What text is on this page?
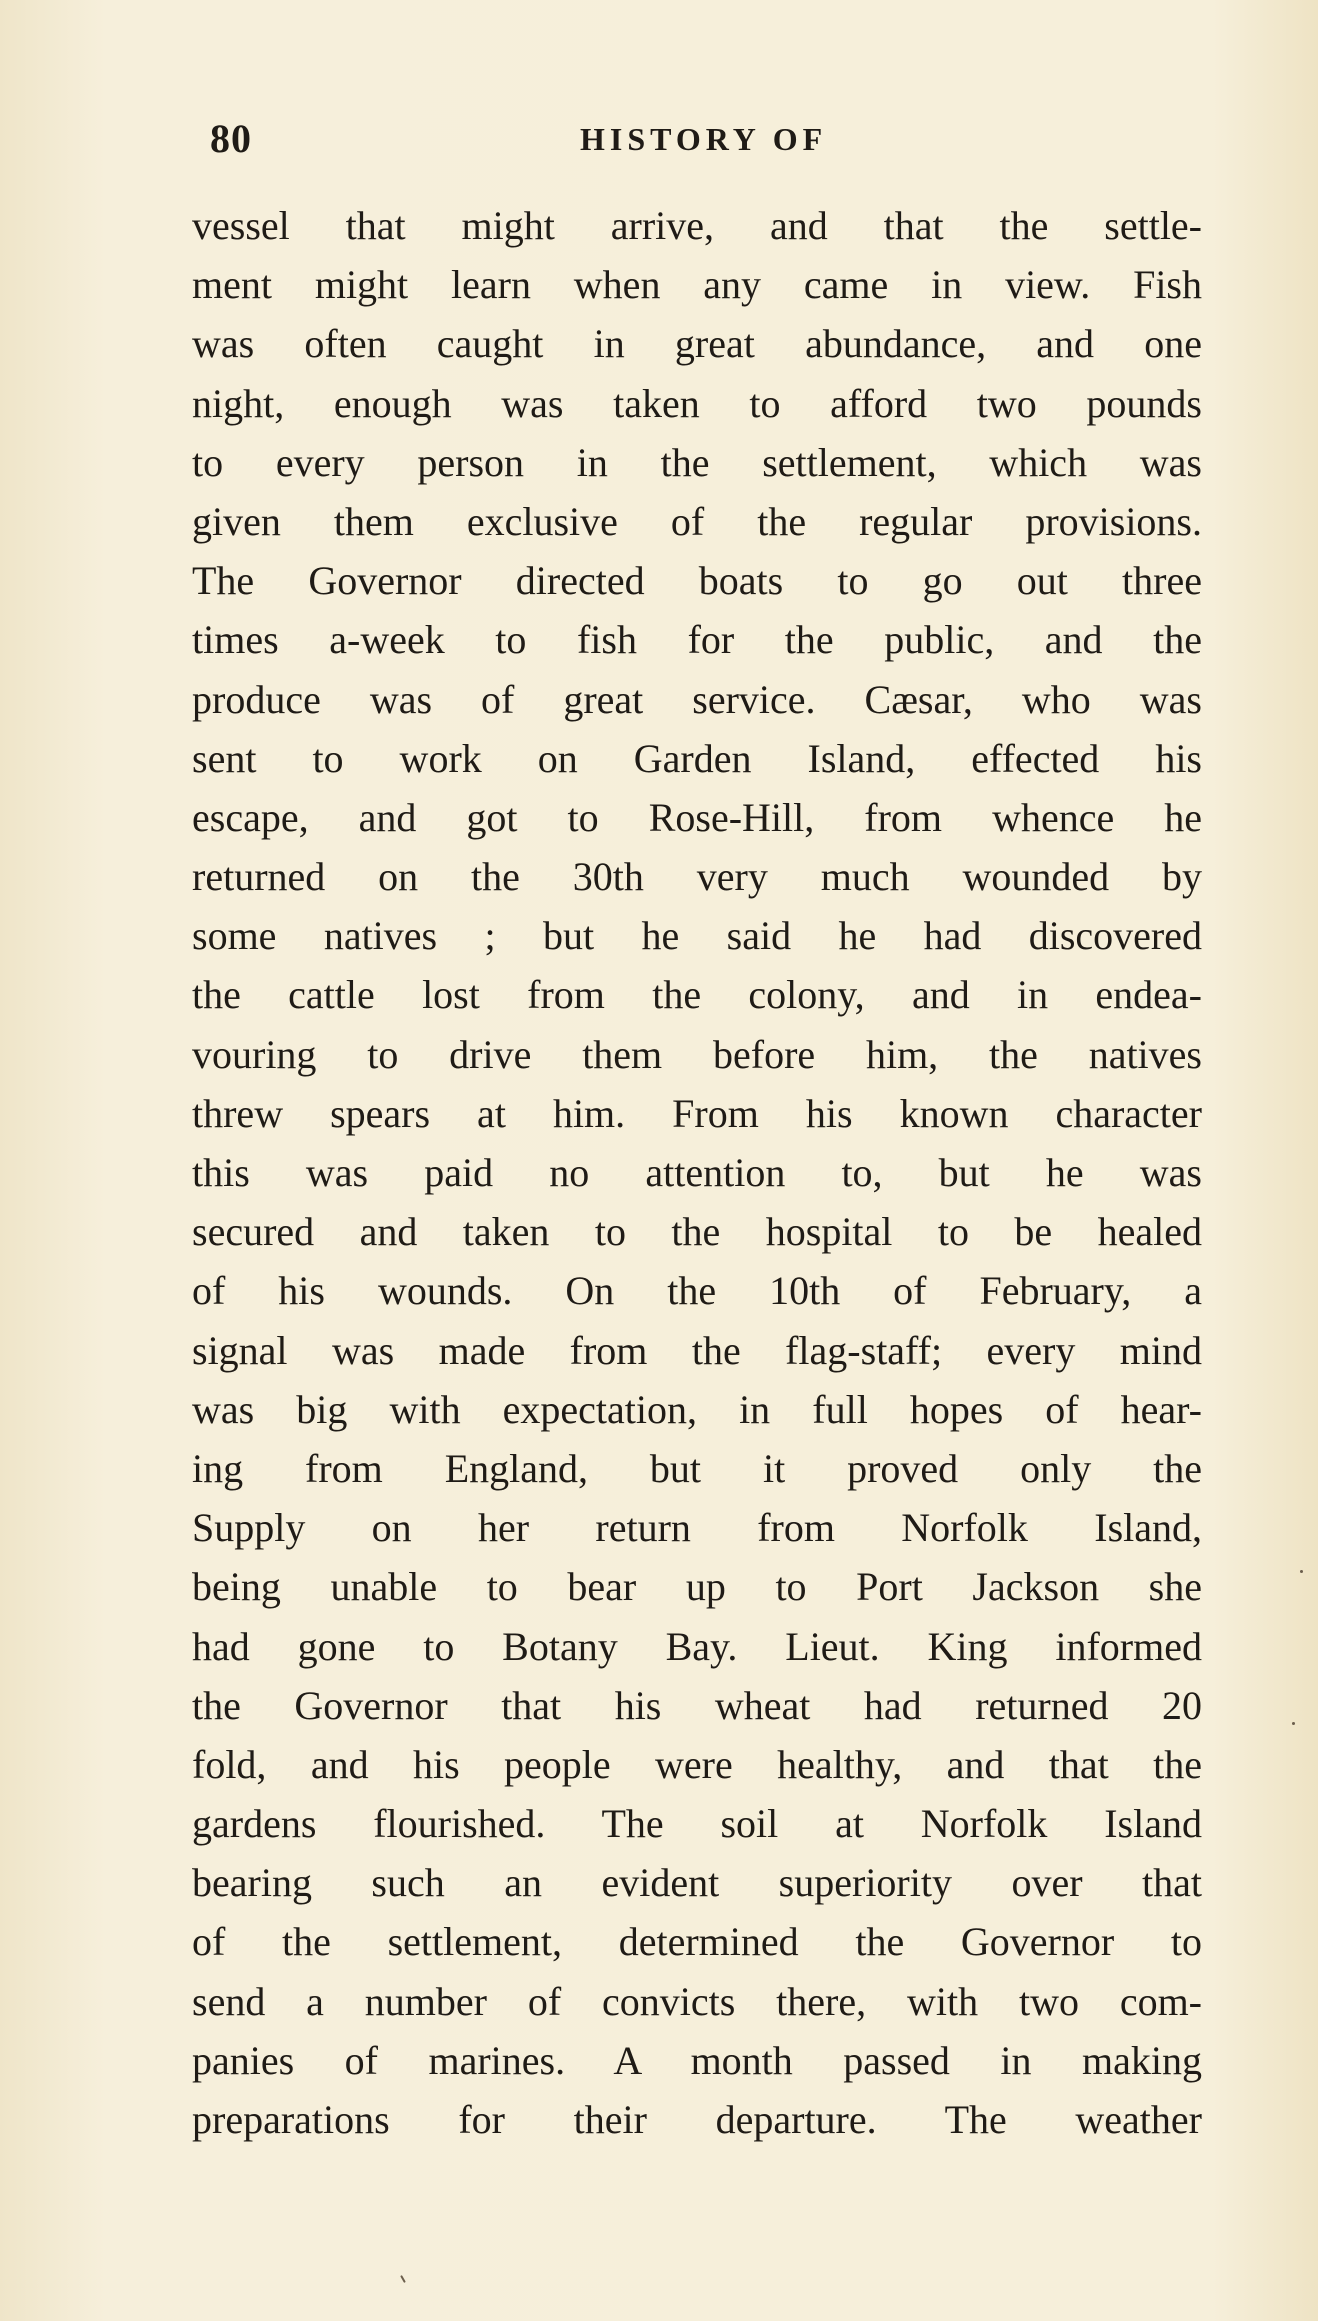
80	HISTORY OF
vessel that might arrive, and that the settle-
ment might learn when any came in view. Fish
was often caught in great abundance, and one
night, enough was taken to afford two pounds
to every person in the settlement, which was
given them exclusive of the regular provisions.
The Governor directed boats to go out three
times a-week to fish for the public, and the
produce was of great service. Cæsar, who was
sent to work on Garden Island, effected his
escape, and got to Rose-Hill, from whence he
returned on the 30th very much wounded by
some natives ; but he said he had discovered
the cattle lost from the colony, and in endea-
vouring to drive them before him, the natives
threw spears at him. From his known character
this was paid no attention to, but he was
secured and taken to the hospital to be healed
of his wounds. On the 10th of February, a
signal was made from the flag-staff; every mind
was big with expectation, in full hopes of hear-
ing from England, but it proved only the
Supply on her return from Norfolk Island,
being unable to bear up to Port Jackson she
had gone to Botany Bay. Lieut. King informed
the Governor that his wheat had returned 20
fold, and his people were healthy, and that the
gardens flourished. The soil at Norfolk Island
bearing such an evident superiority over that
of the settlement, determined the Governor to
send a number of convicts there, with two com-
panies of marines. A month passed in making
preparations for their departure. The weather
